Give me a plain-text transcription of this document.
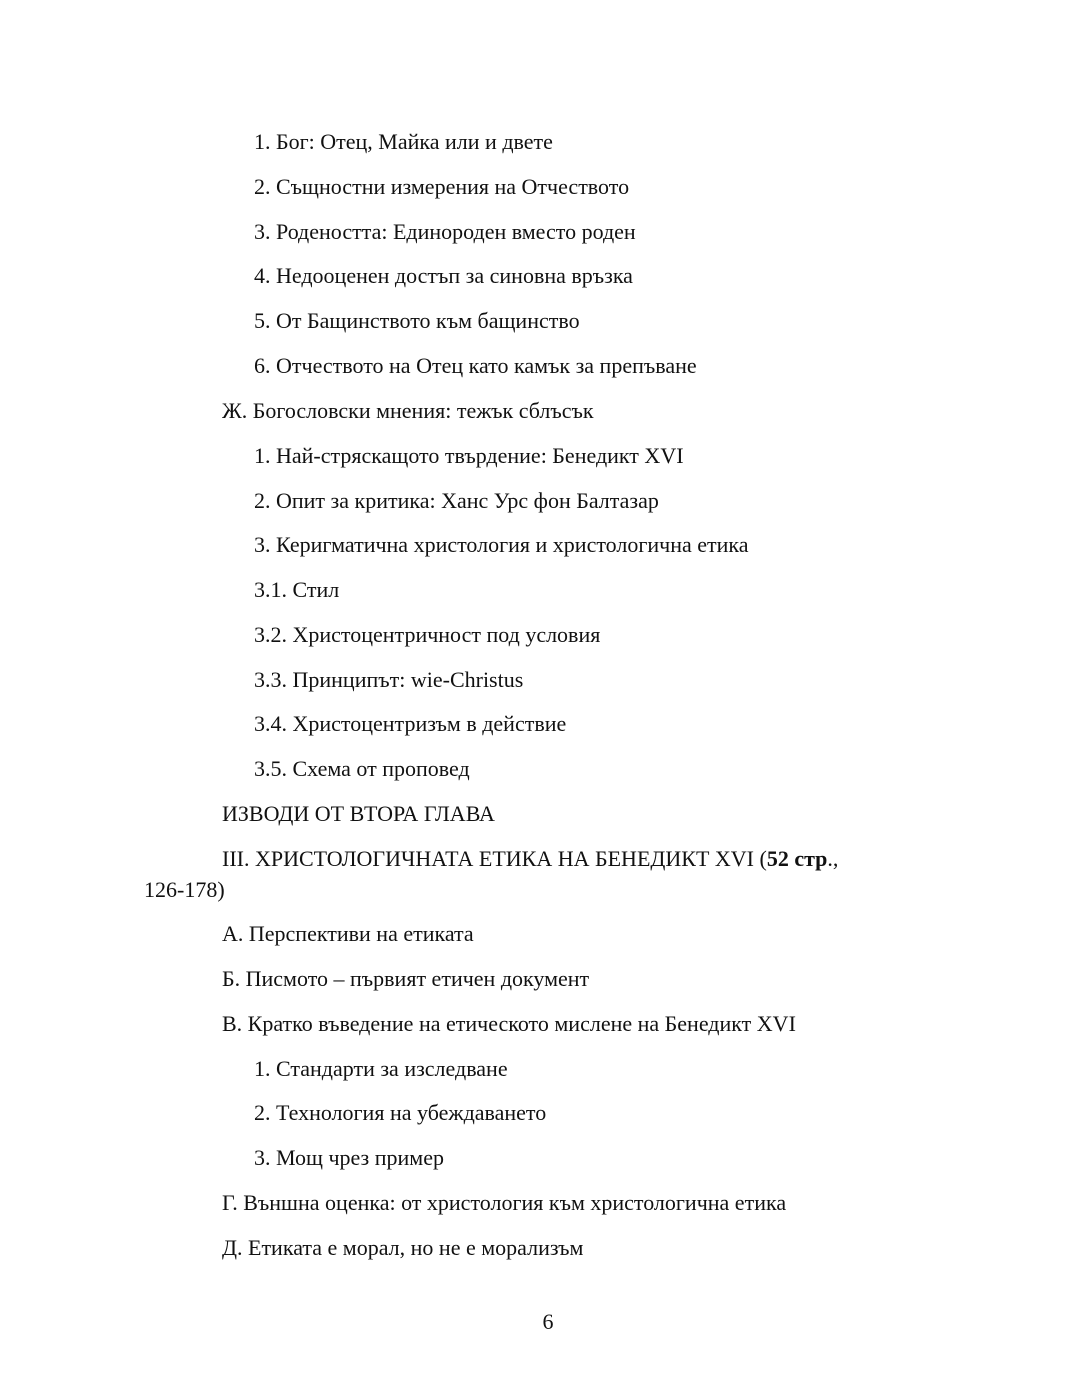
1. Бог: Отец, Майка или и двете

2. Същностни измерения на Отчеството

3. Родеността: Единороден вместо роден

4. Недооценен достъп за синовна връзка

5. От Бащинството към бащинство

6. Отчеството на Отец като камък за препъване

Ж. Богословски мнения: тежък сблъсък

1. Най-стряскащото твърдение: Бенедикт XVI

2. Опит за критика: Ханс Урс фон Балтазар

3. Керигматична христология и христологична етика

3.1. Стил

3.2. Христоцентричност под условия

3.3. Принципът: wie-Christus

3.4. Христоцентризъм в действие

3.5. Схема от проповед

ИЗВОДИ ОТ ВТОРА ГЛАВА

III. ХРИСТОЛОГИЧНАТА ЕТИКА НА БЕНЕДИКТ XVI (52 стр.,

126-178)

А. Перспективи на етиката

Б. Писмото – първият етичен документ

В. Кратко въведение на етическото мислене на Бенедикт XVI

1. Стандарти за изследване

2. Технология на убеждаването

3. Мощ чрез пример

Г. Външна оценка: от христология към христологична етика

Д. Етиката е морал, но не е морализъм

6
